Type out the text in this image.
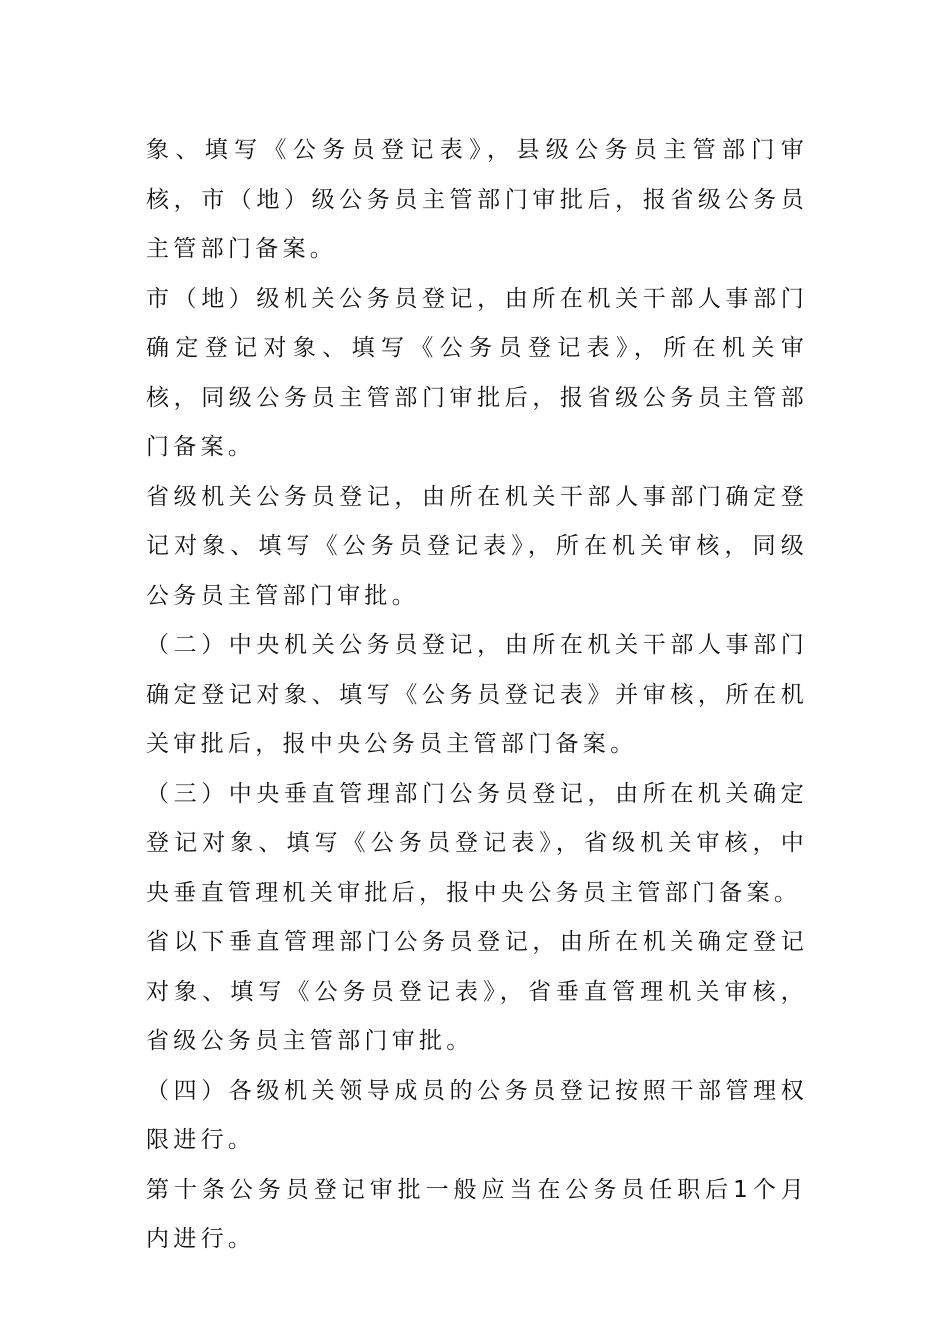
象、填写《公务员登记表》，县级公务员主管部门审核，市（地）级公务员主管部门审批后，报省级公务员主管部门备案。

市（地）级机关公务员登记，由所在机关干部人事部门确定登记对象、填写《公务员登记表》，所在机关审核，同级公务员主管部门审批后，报省级公务员主管部门备案。

省级机关公务员登记，由所在机关干部人事部门确定登记对象、填写《公务员登记表》，所在机关审核，同级公务员主管部门审批。

（二）中央机关公务员登记，由所在机关干部人事部门确定登记对象、填写《公务员登记表》并审核，所在机关审批后，报中央公务员主管部门备案。

（三）中央垂直管理部门公务员登记，由所在机关确定登记对象、填写《公务员登记表》，省级机关审核，中央垂直管理机关审批后，报中央公务员主管部门备案。

省以下垂直管理部门公务员登记，由所在机关确定登记对象、填写《公务员登记表》，省垂直管理机关审核，省级公务员主管部门审批。

（四）各级机关领导成员的公务员登记按照干部管理权限进行。

第十条公务员登记审批一般应当在公务员任职后1个月内进行。
